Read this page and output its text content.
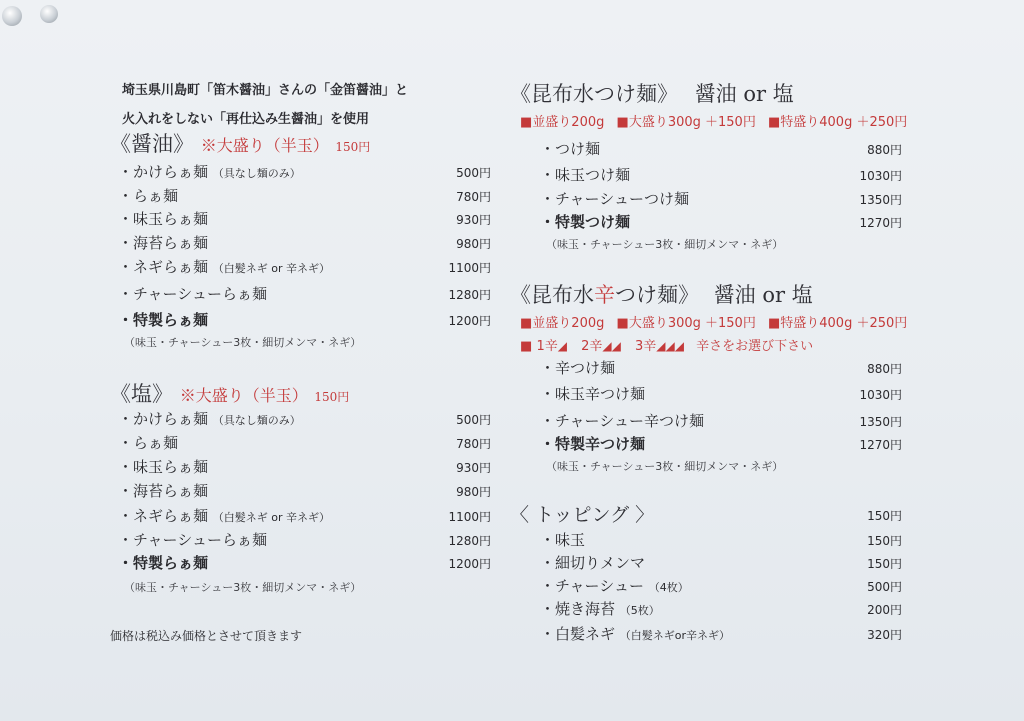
埼玉県川島町「笛木醤油」さんの「金笛醤油」と
火入れをしない「再仕込み生醤油」を使用
《醤油》 ※大盛り（半玉） 150円
・かけらぁ麺 （具なし麺のみ）	500円
・らぁ麺	780円
・味玉らぁ麺	930円
・海苔らぁ麺	980円
・ネギらぁ麺 （白髪ネギ or 辛ネギ）	1100円
・チャーシューらぁ麺	1280円
・特製らぁ麺	1200円
（味玉・チャーシュー3枚・細切メンマ・ネギ）
《塩》 ※大盛り（半玉） 150円
・かけらぁ麺 （具なし麺のみ）	500円
・らぁ麺	780円
・味玉らぁ麺	930円
・海苔らぁ麺	980円
・ネギらぁ麺 （白髪ネギ or 辛ネギ）	1100円
・チャーシューらぁ麺	1280円
・特製らぁ麺	1200円
（味玉・チャーシュー3枚・細切メンマ・ネギ）
価格は税込み価格とさせて頂きます
《昆布水つけ麺》 醤油 or 塩
■並盛り200g ■大盛り300g ＋150円 ■特盛り400g ＋250円
・つけ麺	880円
・味玉つけ麺	1030円
・チャーシューつけ麺	1350円
・特製つけ麺	1270円
（味玉・チャーシュー3枚・細切メンマ・ネギ）
《昆布水辛つけ麺》 醤油 or 塩
■並盛り200g ■大盛り300g ＋150円 ■特盛り400g ＋250円
■ 1辛◢ 2辛◢◢ 3辛◢◢◢ 辛さをお選び下さい
・辛つけ麺	880円
・味玉辛つけ麺	1030円
・チャーシュー辛つけ麺	1350円
・特製辛つけ麺	1270円
（味玉・チャーシュー3枚・細切メンマ・ネギ）
〈 トッピング 〉	150円
・味玉	150円
・細切りメンマ	150円
・チャーシュー （4枚）	500円
・焼き海苔 （5枚）	200円
・白髪ネギ （白髪ネギor辛ネギ）	320円
